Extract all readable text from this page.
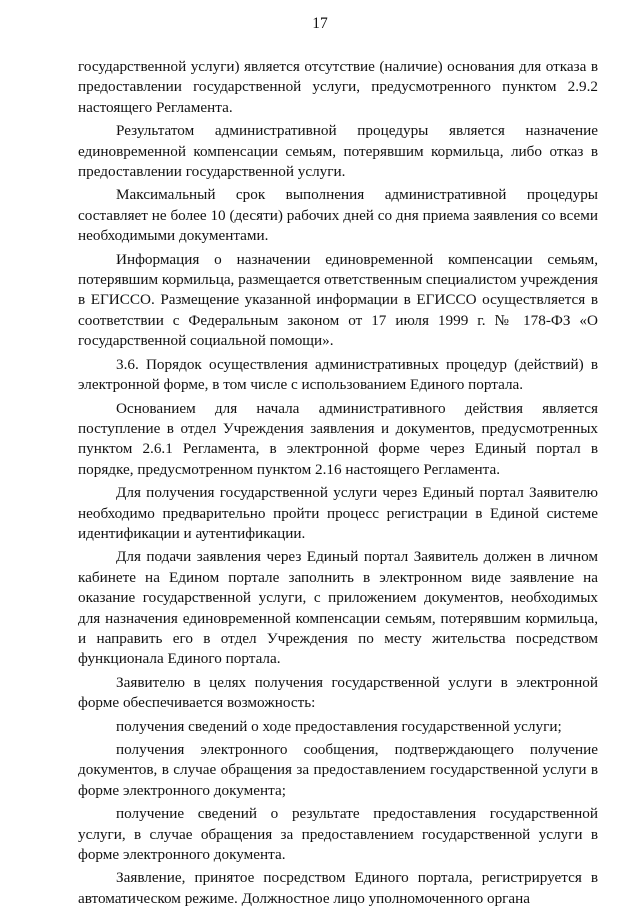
17

государственной услуги) является отсутствие (наличие) основания для отказа в предоставлении государственной услуги, предусмотренного пунктом 2.9.2 настоящего Регламента.

Результатом административной процедуры является назначение единовременной компенсации семьям, потерявшим кормильца, либо отказ в предоставлении государственной услуги.

Максимальный срок выполнения административной процедуры составляет не более 10 (десяти) рабочих дней со дня приема заявления со всеми необходимыми документами.

Информация о назначении единовременной компенсации семьям, потерявшим кормильца, размещается ответственным специалистом учреждения в ЕГИССО. Размещение указанной информации в ЕГИССО осуществляется в соответствии с Федеральным законом от 17 июля 1999 г. № 178-ФЗ «О государственной социальной помощи».

3.6. Порядок осуществления административных процедур (действий) в электронной форме, в том числе с использованием Единого портала.

Основанием для начала административного действия является поступление в отдел Учреждения заявления и документов, предусмотренных пунктом 2.6.1 Регламента, в электронной форме через Единый портал в порядке, предусмотренном пунктом 2.16 настоящего Регламента.

Для получения государственной услуги через Единый портал Заявителю необходимо предварительно пройти процесс регистрации в Единой системе идентификации и аутентификации.

Для подачи заявления через Единый портал Заявитель должен в личном кабинете на Едином портале заполнить в электронном виде заявление на оказание государственной услуги, с приложением документов, необходимых для назначения единовременной компенсации семьям, потерявшим кормильца, и направить его в отдел Учреждения по месту жительства посредством функционала Единого портала.

Заявителю в целях получения государственной услуги в электронной форме обеспечивается возможность:

получения сведений о ходе предоставления государственной услуги;

получения электронного сообщения, подтверждающего получение документов, в случае обращения за предоставлением государственной услуги в форме электронного документа;

получение сведений о результате предоставления государственной услуги, в случае обращения за предоставлением государственной услуги в форме электронного документа.

Заявление, принятое посредством Единого портала, регистрируется в автоматическом режиме. Должностное лицо уполномоченного органа
